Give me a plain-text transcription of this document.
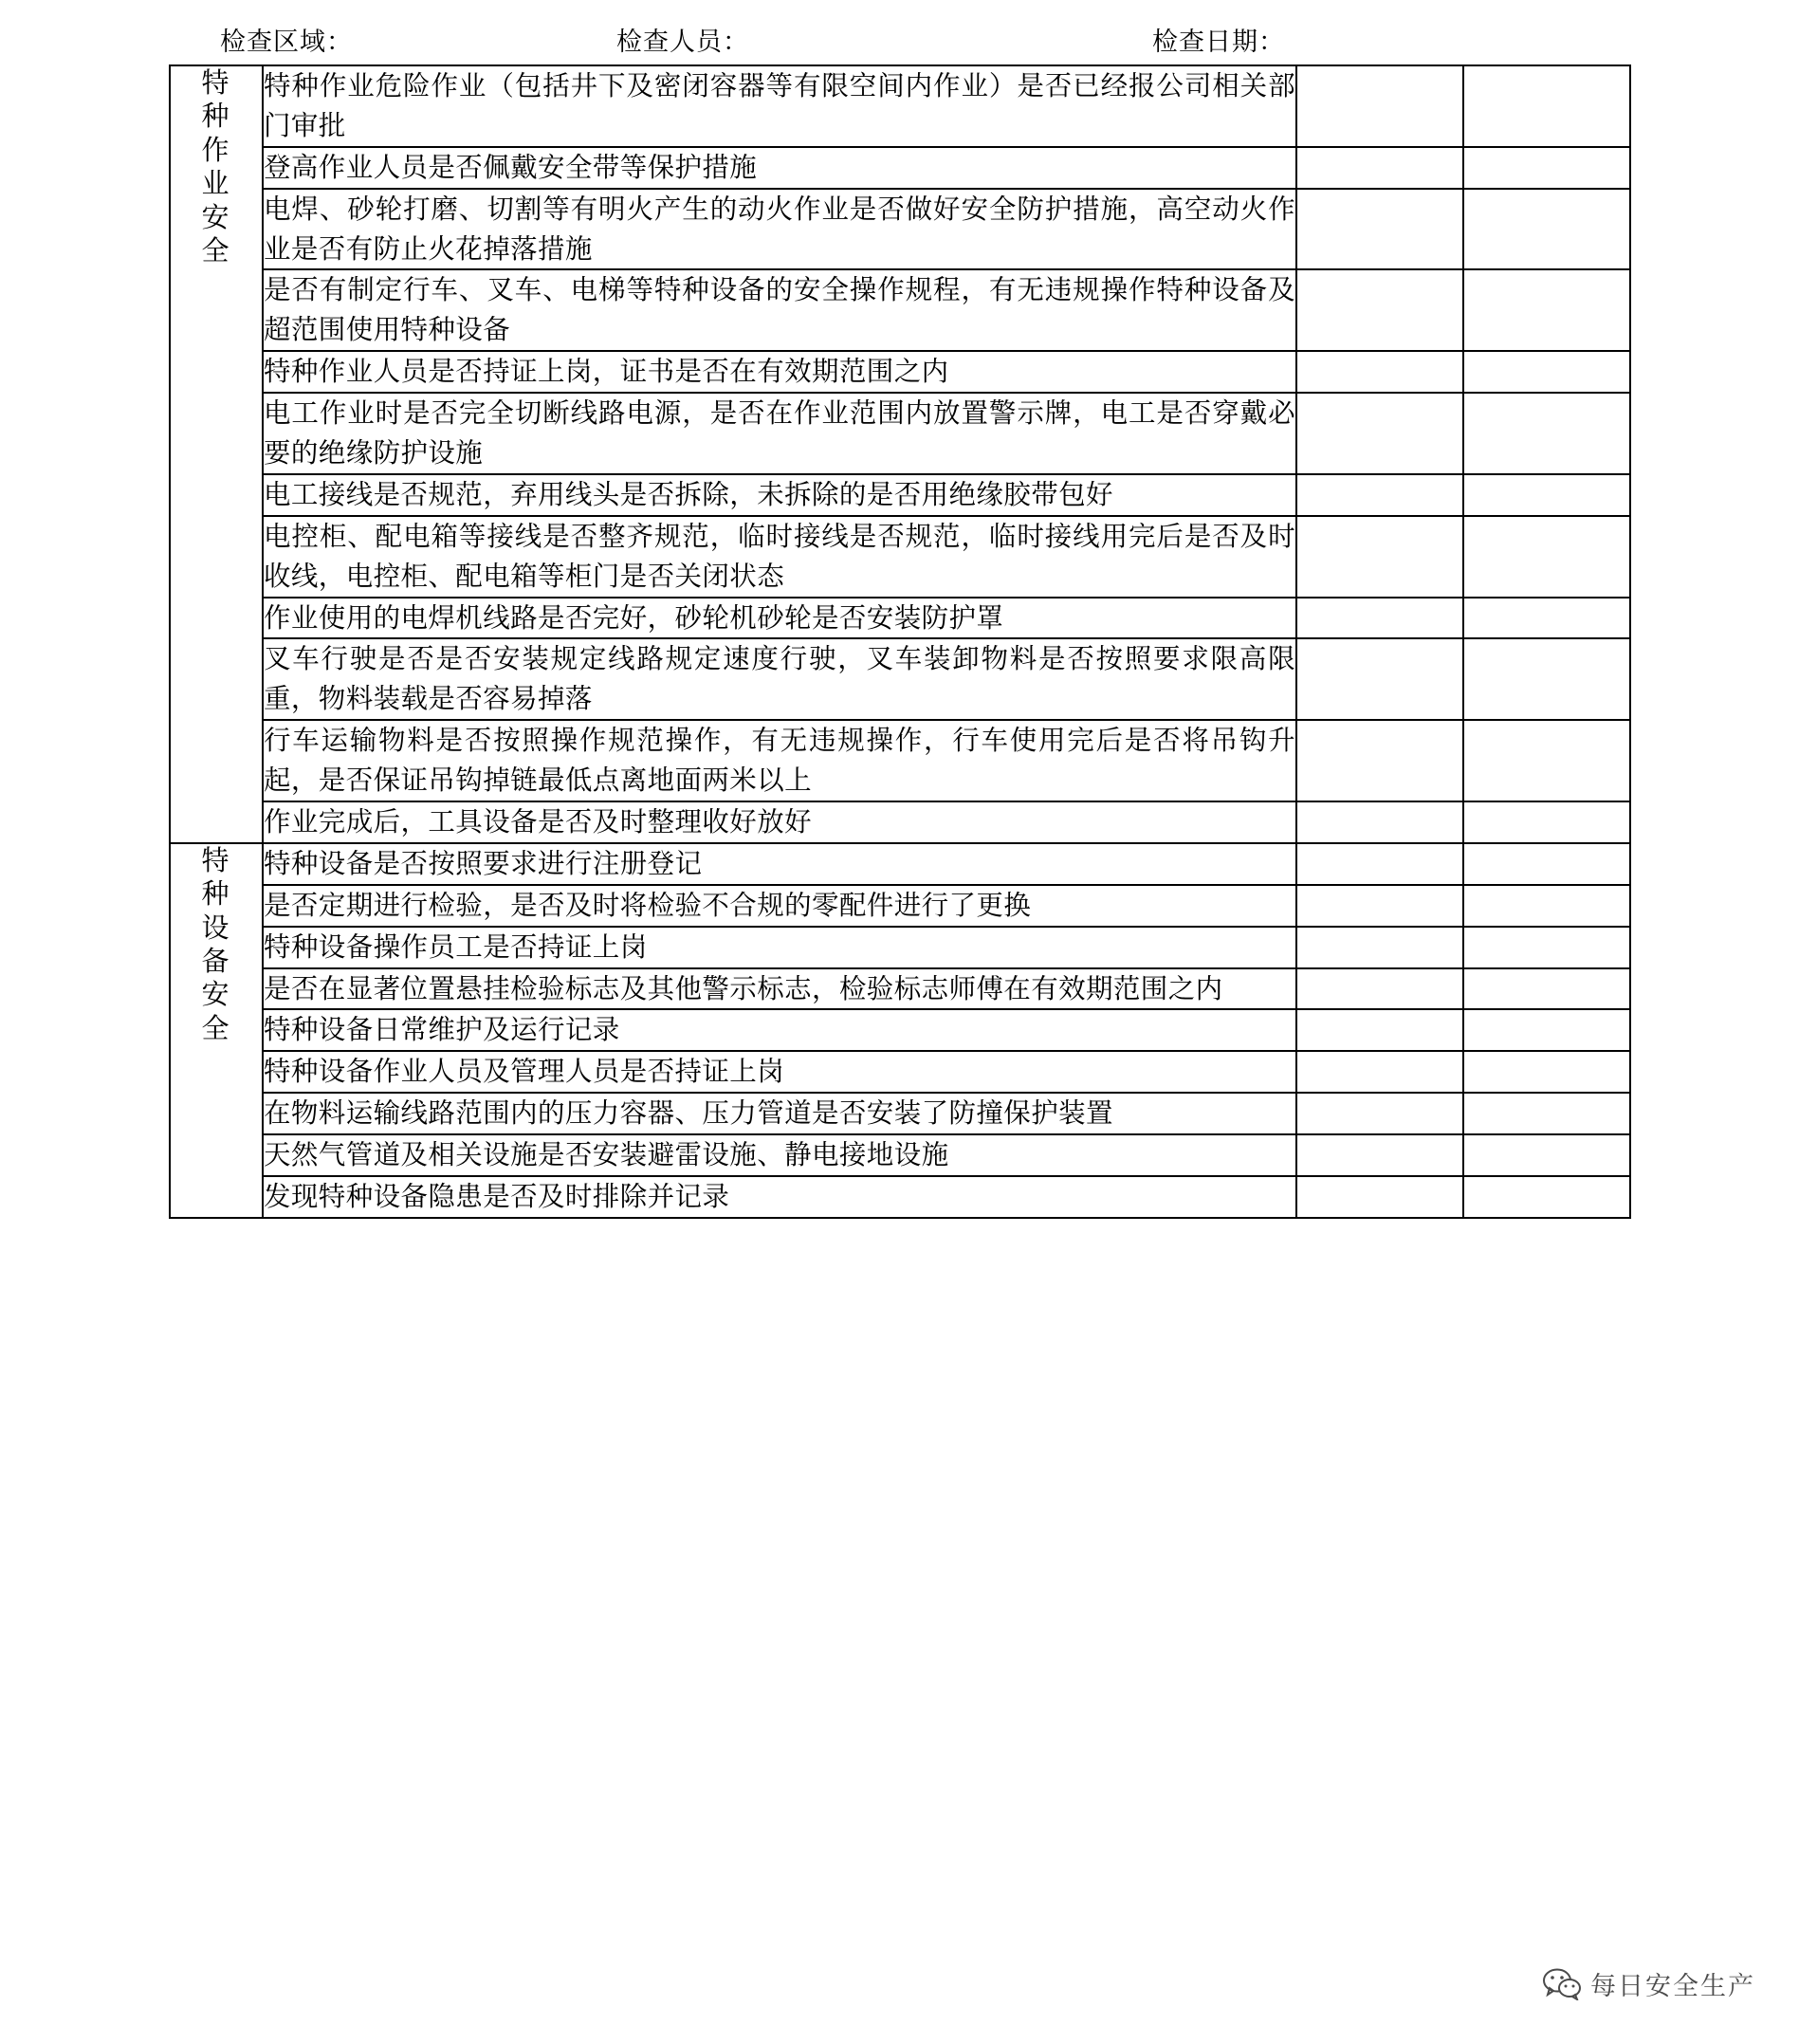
检查区域：	检查人员：	检查日期：
特种作业安全	特种作业危险作业（包括井下及密闭容器等有限空间内作业）是否已经报公司相关部门审批		
	登高作业人员是否佩戴安全带等保护措施		
	电焊、砂轮打磨、切割等有明火产生的动火作业是否做好安全防护措施，高空动火作业是否有防止火花掉落措施		
	是否有制定行车、叉车、电梯等特种设备的安全操作规程，有无违规操作特种设备及超范围使用特种设备		
	特种作业人员是否持证上岗，证书是否在有效期范围之内		
	电工作业时是否完全切断线路电源，是否在作业范围内放置警示牌，电工是否穿戴必要的绝缘防护设施		
	电工接线是否规范，弃用线头是否拆除，未拆除的是否用绝缘胶带包好		
	电控柜、配电箱等接线是否整齐规范，临时接线是否规范，临时接线用完后是否及时收线，电控柜、配电箱等柜门是否关闭状态		
	作业使用的电焊机线路是否完好，砂轮机砂轮是否安装防护罩		
	叉车行驶是否是否安装规定线路规定速度行驶，叉车装卸物料是否按照要求限高限重，物料装载是否容易掉落		
	行车运输物料是否按照操作规范操作，有无违规操作，行车使用完后是否将吊钩升起，是否保证吊钩掉链最低点离地面两米以上		
	作业完成后，工具设备是否及时整理收好放好		
特种设备安全	特种设备是否按照要求进行注册登记		
	是否定期进行检验，是否及时将检验不合规的零配件进行了更换		
	特种设备操作员工是否持证上岗		
	是否在显著位置悬挂检验标志及其他警示标志，检验标志师傅在有效期范围之内		
	特种设备日常维护及运行记录		
	特种设备作业人员及管理人员是否持证上岗		
	在物料运输线路范围内的压力容器、压力管道是否安装了防撞保护装置		
	天然气管道及相关设施是否安装避雷设施、静电接地设施		
	发现特种设备隐患是否及时排除并记录		
每日安全生产
